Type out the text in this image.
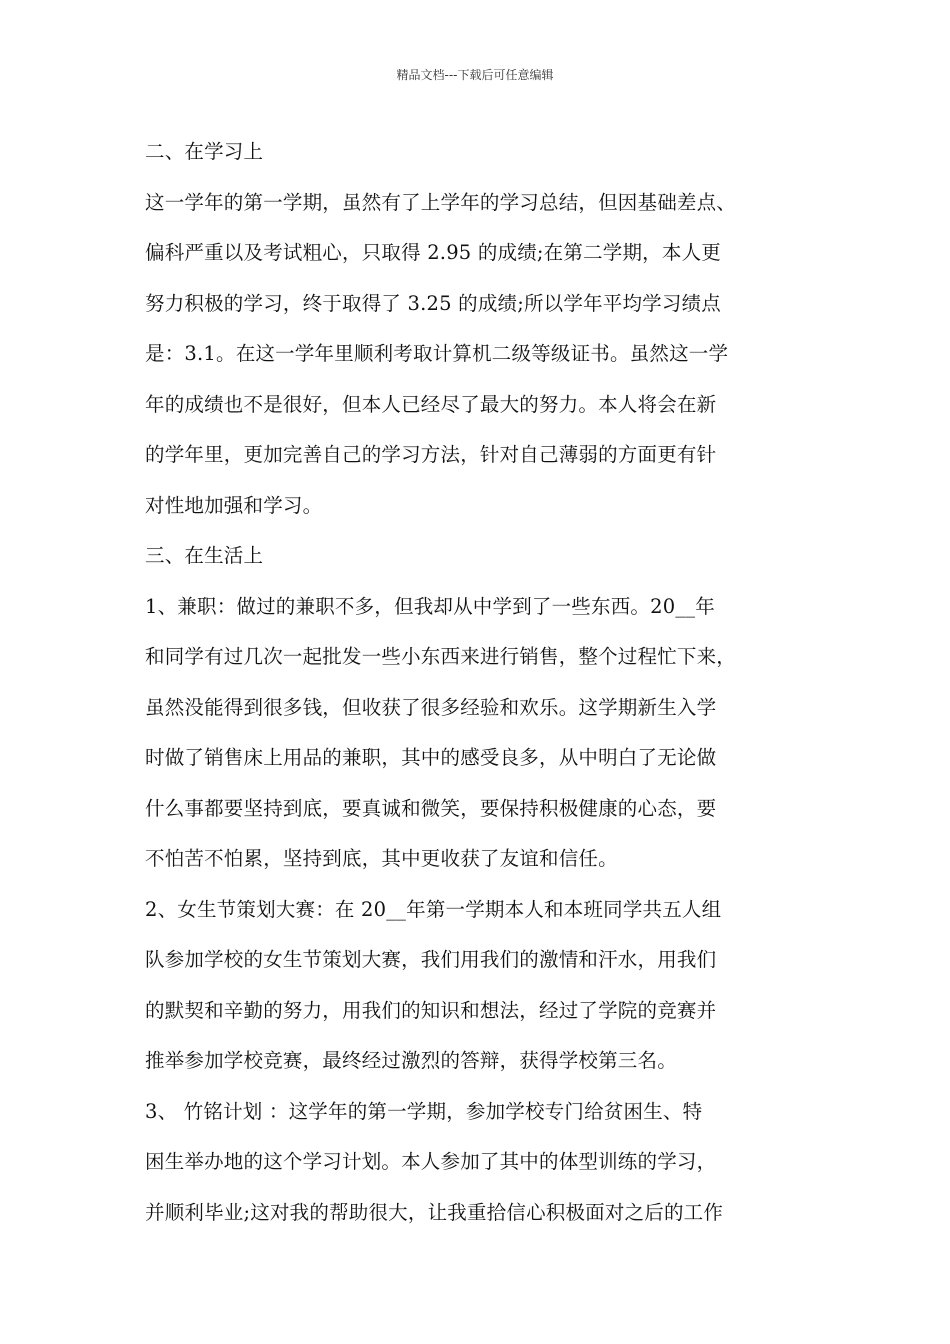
精品文档---下载后可任意编辑
二、在学习上
这一学年的第一学期，虽然有了上学年的学习总结，但因基础差点、
偏科严重以及考试粗心，只取得 2.95 的成绩;在第二学期，本人更
努力积极的学习，终于取得了 3.25 的成绩;所以学年平均学习绩点
是：3.1。在这一学年里顺利考取计算机二级等级证书。虽然这一学
年的成绩也不是很好，但本人已经尽了最大的努力。本人将会在新
的学年里，更加完善自己的学习方法，针对自己薄弱的方面更有针
对性地加强和学习。
三、在生活上
1、兼职：做过的兼职不多，但我却从中学到了一些东西。20__年
和同学有过几次一起批发一些小东西来进行销售，整个过程忙下来，
虽然没能得到很多钱，但收获了很多经验和欢乐。这学期新生入学
时做了销售床上用品的兼职，其中的感受良多，从中明白了无论做
什么事都要坚持到底，要真诚和微笑，要保持积极健康的心态，要
不怕苦不怕累，坚持到底，其中更收获了友谊和信任。
2、女生节策划大赛：在 20__年第一学期本人和本班同学共五人组
队参加学校的女生节策划大赛，我们用我们的激情和汗水，用我们
的默契和辛勤的努力，用我们的知识和想法，经过了学院的竞赛并
推举参加学校竞赛，最终经过激烈的答辩，获得学校第三名。
3、 竹铭计划 ：这学年的第一学期，参加学校专门给贫困生、特
困生举办地的这个学习计划。本人参加了其中的体型训练的学习，
并顺利毕业;这对我的帮助很大，让我重拾信心积极面对之后的工作
